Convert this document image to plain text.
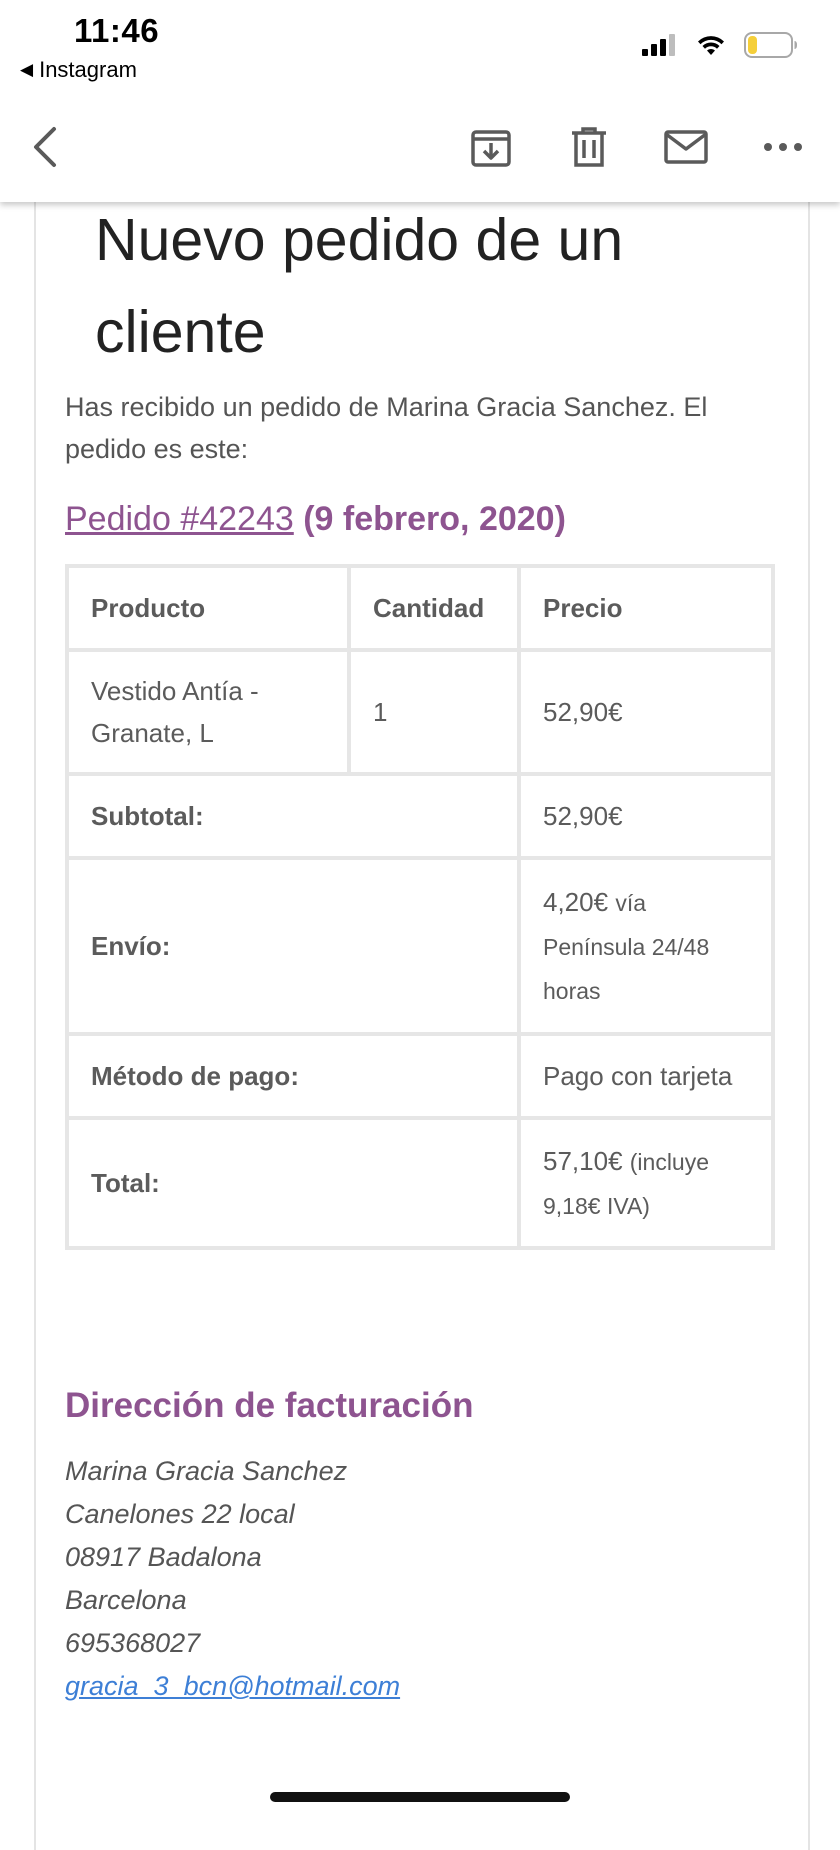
11:46
◀ Instagram
Nuevo pedido de un cliente
Has recibido un pedido de Marina Gracia Sanchez. El pedido es este:
Pedido #42243 (9 febrero, 2020)
Producto	Cantidad	Precio

Vestido Antía -
Granate, L	1	52,90€
Subtotal:		52,90€
Envío:		4,20€ vía
Península 24/48
horas

Método de pago:		Pago con tarjeta
Total:		57,10€ (incluye
9,18€ IVA)
Dirección de facturación
Marina Gracia Sanchez
Canelones 22 local
08917 Badalona
Barcelona
695368027
gracia_3_bcn@hotmail.com
